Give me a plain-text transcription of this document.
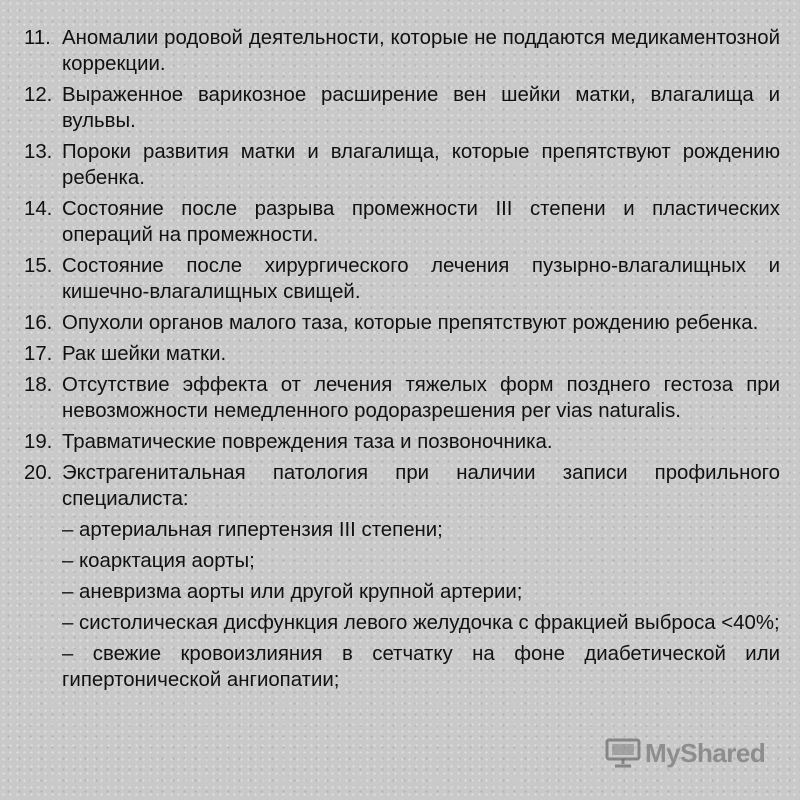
11. Аномалии родовой деятельности, которые не поддаются медикаментозной коррекции.
12. Выраженное варикозное расширение вен шейки матки, влагалища и вульвы.
13. Пороки развития матки и влагалища, которые препятствуют рождению ребенка.
14. Состояние после разрыва промежности III степени и пластических операций на промежности.
15. Состояние после хирургического лечения пузырно-влагалищных и кишечно-влагалищных свищей.
16. Опухоли органов малого таза, которые препятствуют рождению ребенка.
17. Рак шейки матки.
18. Отсутствие эффекта от лечения тяжелых форм позднего гестоза при невозможности немедленного родоразрешения per vias naturalis.
19. Травматические повреждения таза и позвоночника.
20. Экстрагенитальная патология при наличии записи профильного специалиста:
– артериальная гипертензия III степени;
– коарктация аорты;
– аневризма аорты или другой крупной артерии;
– систолическая дисфункция левого желудочка с фракцией выброса <40%;
– свежие кровоизлияния в сетчатку на фоне диабетической или гипертонической ангиопатии;
MyShared
